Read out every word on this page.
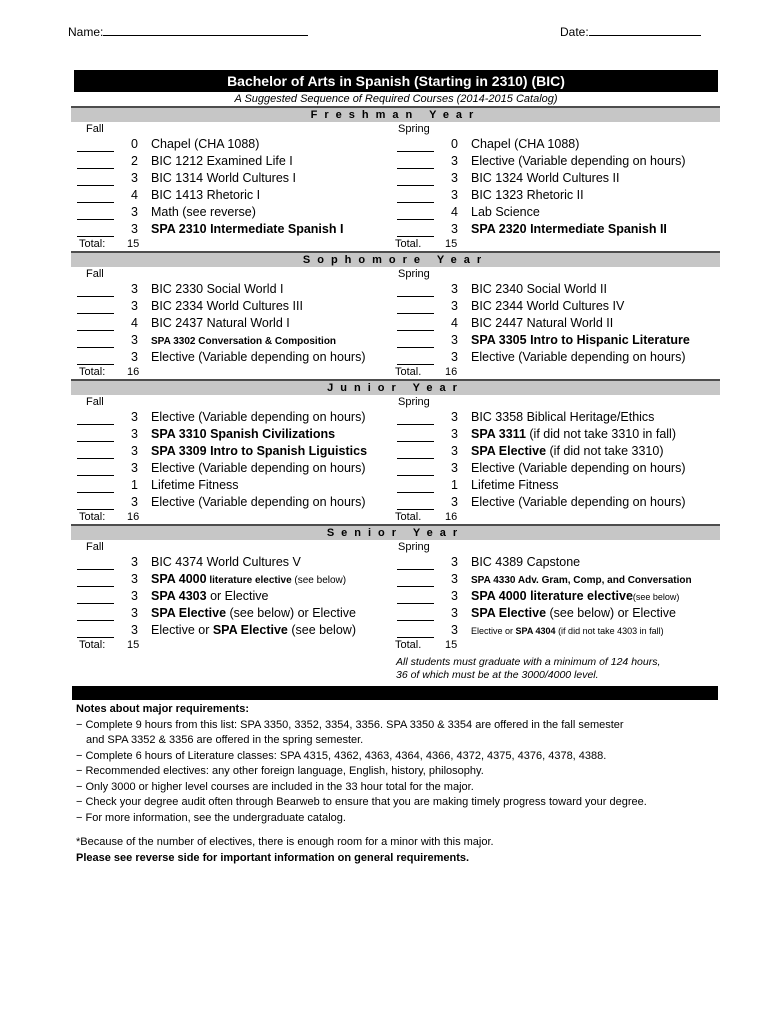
Name:	Date:
Bachelor of Arts in Spanish (Starting in 2310) (BIC)
A Suggested Sequence of Required Courses (2014-2015 Catalog)
Freshman Year
Fall	Spring
0 Chapel (CHA 1088)	0 Chapel (CHA 1088)
2 BIC 1212 Examined Life I	3 Elective (Variable depending on hours)
3 BIC 1314 World Cultures I	3 BIC 1324 World Cultures II
4 BIC 1413 Rhetoric I	3 BIC 1323 Rhetoric II
3 Math (see reverse)	4 Lab Science
3 SPA 2310 Intermediate Spanish I	3 SPA 2320 Intermediate Spanish II
Total: 15	Total. 15
Sophomore Year
Fall	Spring
3 BIC 2330 Social World I	3 BIC 2340 Social World II
3 BIC 2334 World Cultures III	3 BIC 2344 World Cultures IV
4 BIC 2437 Natural World I	4 BIC 2447 Natural World II
3 SPA 3302 Conversation & Composition	3 SPA 3305 Intro to Hispanic Literature
3 Elective (Variable depending on hours)	3 Elective (Variable depending on hours)
Total: 16	Total. 16
Junior Year
Fall	Spring
3 Elective (Variable depending on hours)	3 BIC 3358 Biblical Heritage/Ethics
3 SPA 3310 Spanish Civilizations	3 SPA 3311 (if did not take 3310 in fall)
3 SPA 3309 Intro to Spanish Liguistics	3 SPA Elective (if did not take 3310)
3 Elective (Variable depending on hours)	3 Elective (Variable depending on hours)
1 Lifetime Fitness	1 Lifetime Fitness
3 Elective (Variable depending on hours)	3 Elective (Variable depending on hours)
Total: 16	Total. 16
Senior Year
Fall	Spring
3 BIC 4374 World Cultures V	3 BIC 4389 Capstone
3 SPA 4000 literature elective (see below)	3 SPA 4330 Adv. Gram, Comp, and Conversation
3 SPA 4303 or Elective	3 SPA 4000 literature elective(see below)
3 SPA Elective (see below) or Elective	3 SPA Elective (see below) or Elective
3 Elective or SPA Elective (see below)	3 Elective or SPA 4304 (if did not take 4303 in fall)
Total: 15	Total. 15
All students must graduate with a minimum of 124 hours,
36 of which must be at the 3000/4000 level.
Notes about major requirements:
− Complete 9 hours from this list: SPA 3350, 3352, 3354, 3356. SPA 3350 & 3354 are offered in the fall semester
and SPA 3352 & 3356 are offered in the spring semester.
− Complete 6 hours of Literature classes: SPA 4315, 4362, 4363, 4364, 4366, 4372, 4375, 4376, 4378, 4388.
− Recommended electives: any other foreign language, English, history, philosophy.
− Only 3000 or higher level courses are included in the 33 hour total for the major.
− Check your degree audit often through Bearweb to ensure that you are making timely progress toward your degree.
− For more information, see the undergraduate catalog.
*Because of the number of electives, there is enough room for a minor with this major.
Please see reverse side for important information on general requirements.
